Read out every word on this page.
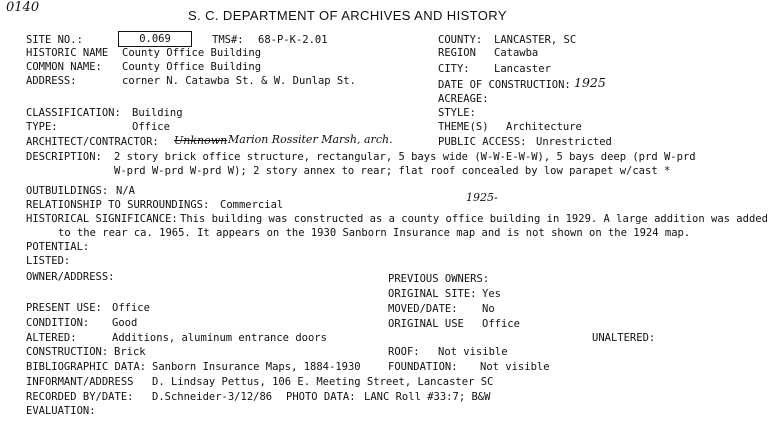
0140
S. C. DEPARTMENT OF ARCHIVES AND HISTORY
SITE NO.:	0.069	TMS#: 68-P-K-2.01	COUNTY: LANCASTER, SC
HISTORIC NAME County Office Building	REGION Catawba
COMMON NAME: County Office Building	CITY: Lancaster
ADDRESS:	corner N. Catawba St. & W. Dunlap St.	DATE OF CONSTRUCTION: 1925
ACREAGE:
CLASSIFICATION: Building	STYLE:
TYPE:	Office	THEME(S) Architecture
ARCHITECT/CONTRACTOR: Unknown Marion Rossiter Marsh, arch.	PUBLIC ACCESS: Unrestricted
DESCRIPTION: 2 story brick office structure, rectangular, 5 bays wide (W-W-E-W-W), 5 bays deep (prd W-prd
W-prd W-prd W-prd W); 2 story annex to rear; flat roof concealed by low parapet w/cast *
OUTBUILDINGS: N/A	1925-
RELATIONSHIP TO SURROUNDINGS: Commercial
HISTORICAL SIGNIFICANCE: This building was constructed as a county office building in 1929. A large addition was added
to the rear ca. 1965. It appears on the 1930 Sanborn Insurance map and is not shown on the 1924 map.
POTENTIAL:
LISTED:
OWNER/ADDRESS:	PREVIOUS OWNERS:
ORIGINAL SITE: Yes
PRESENT USE: Office	MOVED/DATE: No
CONDITION: Good	ORIGINAL USE Office
ALTERED:	Additions, aluminum entrance doors	UNALTERED:
CONSTRUCTION: Brick	ROOF: Not visible
BIBLIOGRAPHIC DATA: Sanborn Insurance Maps, 1884-1930	FOUNDATION: Not visible
INFORMANT/ADDRESS D. Lindsay Pettus, 106 E. Meeting Street, Lancaster SC
RECORDED BY/DATE: D.Schneider-3/12/86 PHOTO DATA: LANC Roll #33:7; B&W
EVALUATION:
